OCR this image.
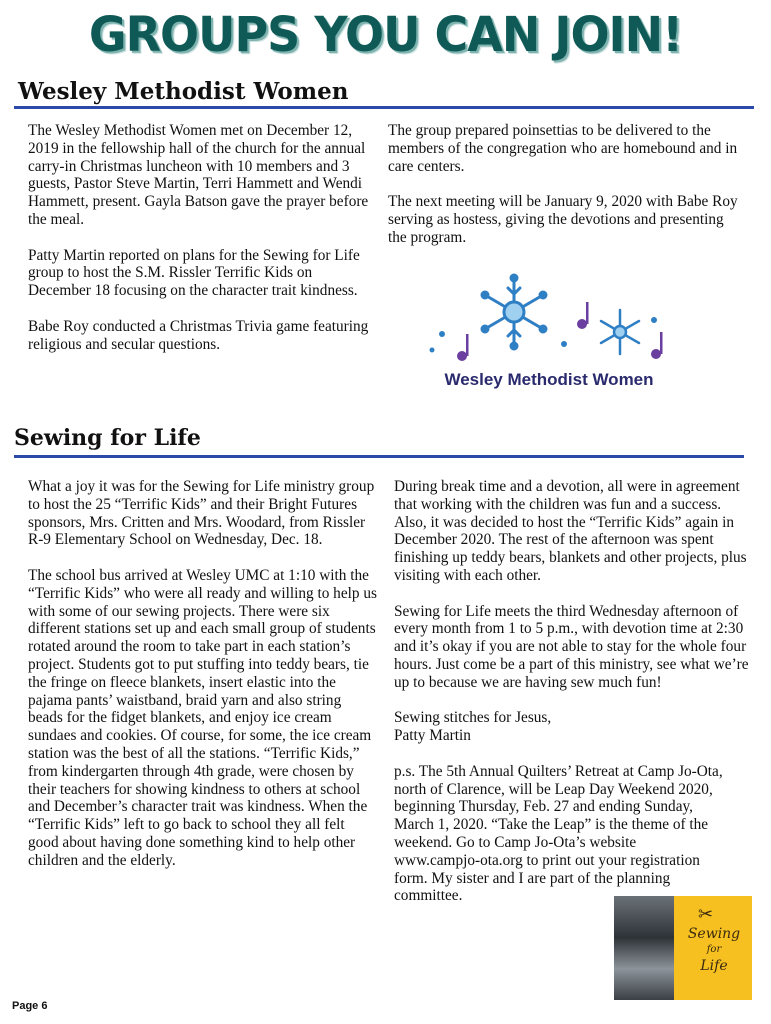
GROUPS YOU CAN JOIN!
Wesley Methodist Women

The Wesley Methodist Women met on December 12, 2019 in the fellowship hall of the church for the annual carry-in Christmas luncheon with 10 members and 3 guests, Pastor Steve Martin, Terri Hammett and Wendi Hammett, present. Gayla Batson gave the prayer before the meal.

Patty Martin reported on plans for the Sewing for Life group to host the S.M. Rissler Terrific Kids on December 18 focusing on the character trait kindness.

Babe Roy conducted a Christmas Trivia game featuring religious and secular questions.

The group prepared poinsettias to be delivered to the members of the congregation who are homebound and in care centers.

The next meeting will be January 9, 2020 with Babe Roy serving as hostess, giving the devotions and presenting the program.

Wesley Methodist Women
Sewing for Life

What a joy it was for the Sewing for Life ministry group to host the 25 “Terrific Kids” and their Bright Futures sponsors, Mrs. Critten and Mrs. Woodard, from Rissler R-9 Elementary School on Wednesday, Dec. 18.

The school bus arrived at Wesley UMC at 1:10 with the “Terrific Kids” who were all ready and willing to help us with some of our sewing projects. There were six different stations set up and each small group of students rotated around the room to take part in each station’s project. Students got to put stuffing into teddy bears, tie the fringe on fleece blankets, insert elastic into the pajama pants’ waistband, braid yarn and also string beads for the fidget blankets, and enjoy ice cream sundaes and cookies. Of course, for some, the ice cream station was the best of all the stations. “Terrific Kids,” from kindergarten through 4th grade, were chosen by their teachers for showing kindness to others at school and December’s character trait was kindness. When the “Terrific Kids” left to go back to school they all felt good about having done something kind to help other children and the elderly.

During break time and a devotion, all were in agreement that working with the children was fun and a success. Also, it was decided to host the “Terrific Kids” again in December 2020. The rest of the afternoon was spent finishing up teddy bears, blankets and other projects, plus visiting with each other.

Sewing for Life meets the third Wednesday afternoon of every month from 1 to 5 p.m., with devotion time at 2:30 and it’s okay if you are not able to stay for the whole four hours. Just come be a part of this ministry, see what we’re up to because we are having sew much fun!

Sewing stitches for Jesus,
Patty Martin

p.s. The 5th Annual Quilters’ Retreat at Camp Jo-Ota, north of Clarence, will be Leap Day Weekend 2020, beginning Thursday, Feb. 27 and ending Sunday, March 1, 2020. “Take the Leap” is the theme of the weekend. Go to Camp Jo-Ota’s website www.campjo-ota.org to print out your registration form. My sister and I are part of the planning committee.

✂
Sewing
for
Life
Page 6
